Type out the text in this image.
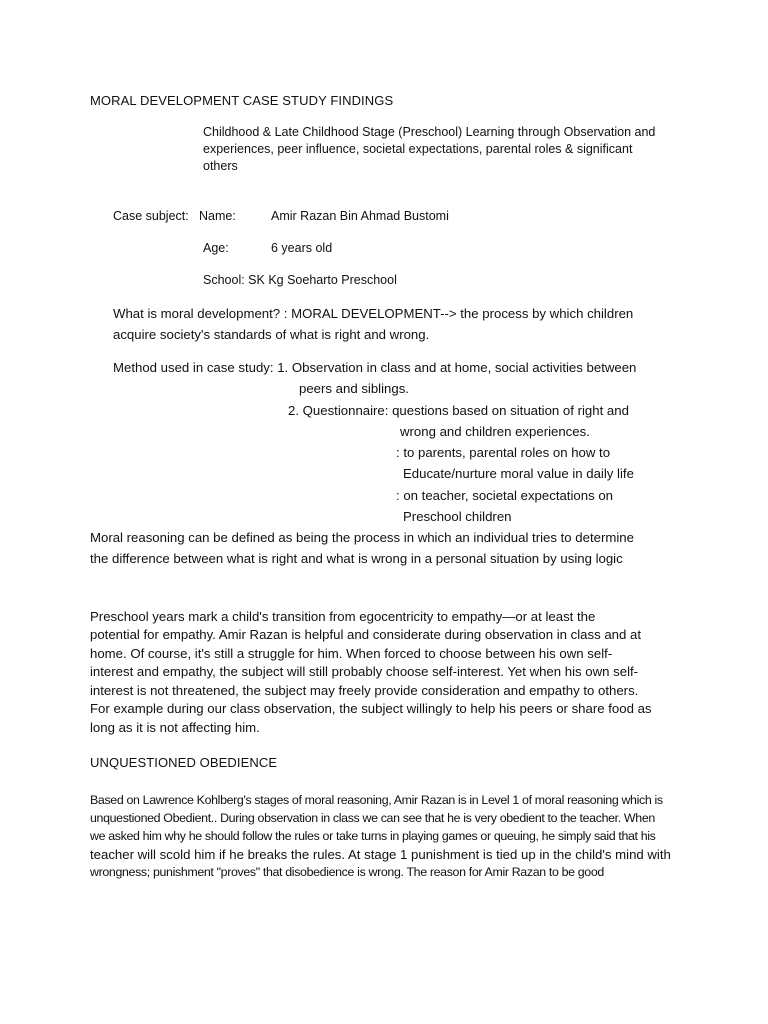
MORAL DEVELOPMENT CASE STUDY FINDINGS
Childhood & Late Childhood Stage (Preschool) Learning through Observation and
experiences, peer influence, societal expectations, parental roles & significant
others
Case subject: Name:	Amir Razan Bin Ahmad Bustomi
Age:	6 years old
School: SK Kg Soeharto Preschool
What is moral development? : MORAL DEVELOPMENT--> the process by which children
acquire society's standards of what is right and wrong.
Method used in case study: 1. Observation in class and at home, social activities between
peers and siblings.
2. Questionnaire: questions based on situation of right and
wrong and children experiences.
: to parents, parental roles on how to
Educate/nurture moral value in daily life
: on teacher, societal expectations on
Preschool children
Moral reasoning can be defined as being the process in which an individual tries to determine
the difference between what is right and what is wrong in a personal situation by using logic
Preschool years mark a child's transition from egocentricity to empathy—or at least the
potential for empathy. Amir Razan is helpful and considerate during observation in class and at
home. Of course, it's still a struggle for him. When forced to choose between his own self-
interest and empathy, the subject will still probably choose self-interest. Yet when his own self-
interest is not threatened, the subject may freely provide consideration and empathy to others.
For example during our class observation, the subject willingly to help his peers or share food as
long as it is not affecting him.
UNQUESTIONED OBEDIENCE
Based on Lawrence Kohlberg's stages of moral reasoning, Amir Razan is in Level 1 of moral reasoning which is
unquestioned Obedient.. During observation in class we can see that he is very obedient to the teacher. When
we asked him why he should follow the rules or take turns in playing games or queuing, he simply said that his
teacher will scold him if he breaks the rules. At stage 1 punishment is tied up in the child's mind with
wrongness; punishment "proves" that disobedience is wrong. The reason for Amir Razan to be good
